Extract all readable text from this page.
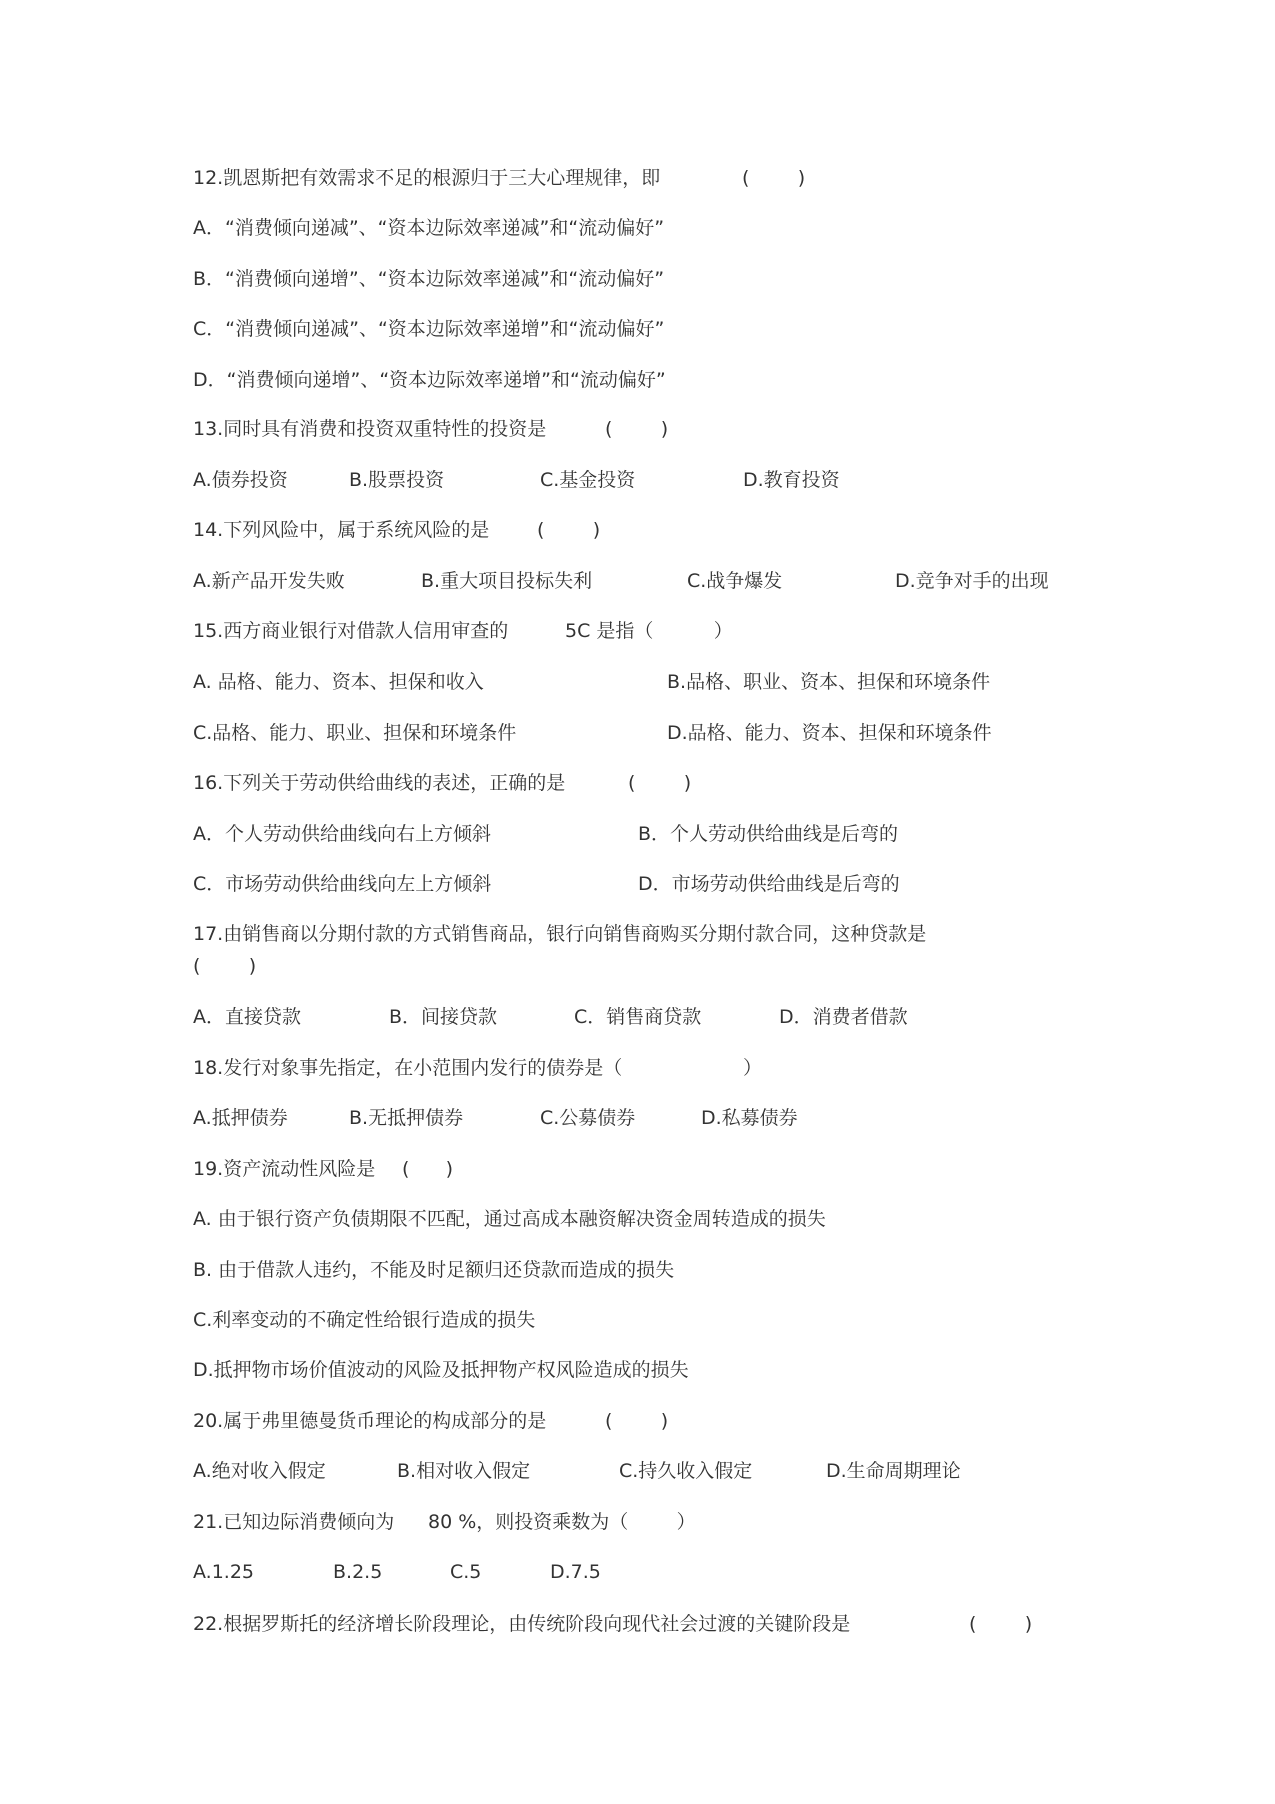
12.凯恩斯把有效需求不足的根源归于三大心理规律，即	(        )
A．“消费倾向递减”、“资本边际效率递减”和“流动偏好”
B．“消费倾向递增”、“资本边际效率递减”和“流动偏好”
C．“消费倾向递减”、“资本边际效率递增”和“流动偏好”
D．“消费倾向递增”、“资本边际效率递增”和“流动偏好”
13.同时具有消费和投资双重特性的投资是	(        )
A.债券投资	B.股票投资	C.基金投资	D.教育投资
14.下列风险中，属于系统风险的是	(        )
A.新产品开发失败	B.重大项目投标失利	C.战争爆发	D.竞争对手的出现
15.西方商业银行对借款人信用审查的	5C 是指（          ）
A. 品格、能力、资本、担保和收入	B.品格、职业、资本、担保和环境条件
C.品格、能力、职业、担保和环境条件	D.品格、能力、资本、担保和环境条件
16.下列关于劳动供给曲线的表述，正确的是	(        )
A．个人劳动供给曲线向右上方倾斜	B．个人劳动供给曲线是后弯的
C．市场劳动供给曲线向左上方倾斜	D．市场劳动供给曲线是后弯的
17.由销售商以分期付款的方式销售商品，银行向销售商购买分期付款合同，这种贷款是
(        )
A．直接贷款	B．间接贷款	C．销售商贷款	D．消费者借款
18.发行对象事先指定，在小范围内发行的债券是（                    ）
A.抵押债券	B.无抵押债券	C.公募债券	D.私募债券
19.资产流动性风险是 (      )
A. 由于银行资产负债期限不匹配，通过高成本融资解决资金周转造成的损失
B. 由于借款人违约，不能及时足额归还贷款而造成的损失
C.利率变动的不确定性给银行造成的损失
D.抵押物市场价值波动的风险及抵押物产权风险造成的损失
20.属于弗里德曼货币理论的构成部分的是	(        )
A.绝对收入假定	B.相对收入假定	C.持久收入假定	D.生命周期理论
21.已知边际消费倾向为 80 %，则投资乘数为（        ）
A.1.25	B.2.5	C.5	D.7.5
22.根据罗斯托的经济增长阶段理论，由传统阶段向现代社会过渡的关键阶段是	(        )
